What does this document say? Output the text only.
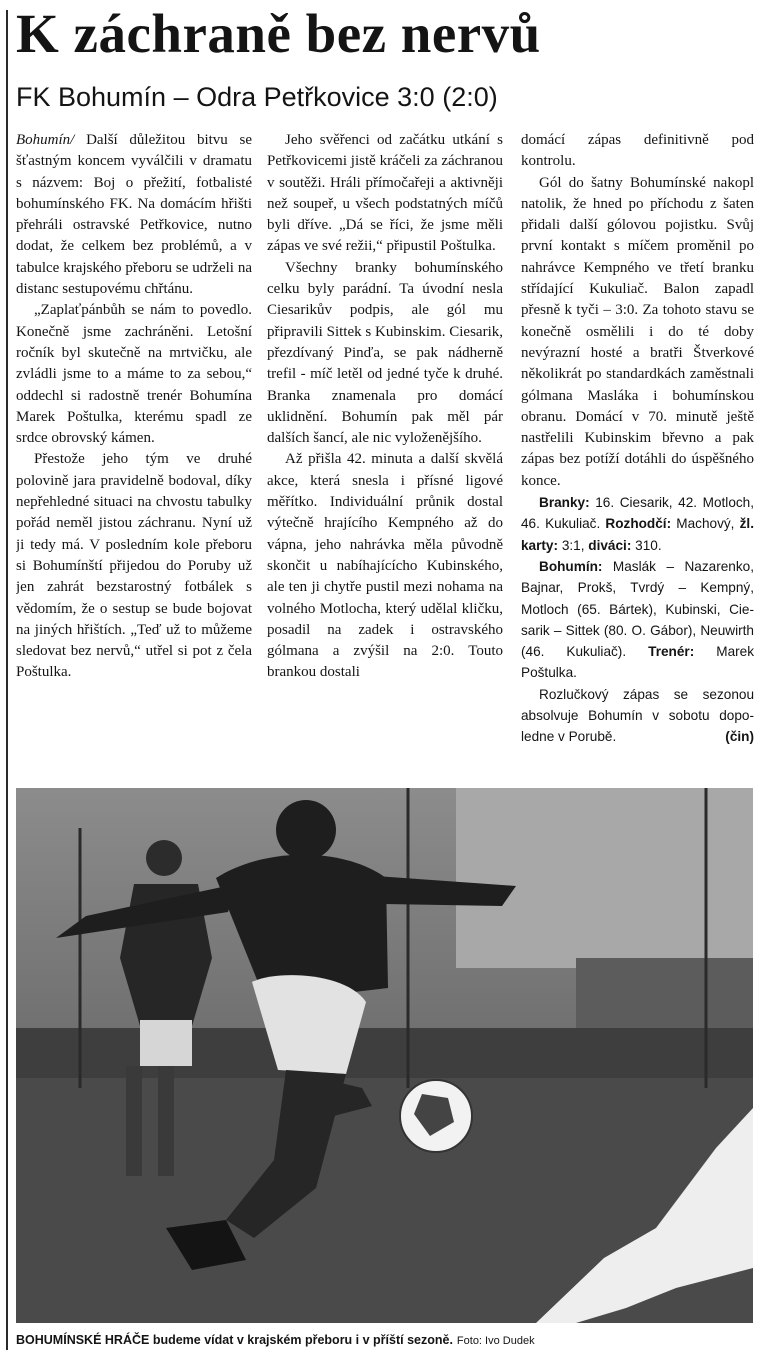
K záchraně bez nervů
FK Bohumín – Odra Petřkovice 3:0 (2:0)

Bohumín/ Další důležitou bitvu se šťastným koncem vyválčili v dramatu s názvem: Boj o přežití, fotbalisté bohumínského FK. Na domácím hřišti přehráli ostravské Petřkovice, nutno dodat, že celkem bez problémů, a v tabulce krajského přeboru se udrželi na distanc sestupovému chřtánu.

„Zaplaťpánbůh se nám to povedlo. Konečně jsme zachráněni. Letošní ročník byl skutečně na mrtvičku, ale zvládli jsme to a máme to za sebou,“ oddechl si radostně trenér Bohumína Marek Poštulka, kterému spadl ze srdce obrovský kámen.

Přestože jeho tým ve druhé polovině jara pravidelně bodoval, díky nepřehledné situaci na chvostu tabulky pořád neměl jistou záchranu. Nyní už ji tedy má. V posledním kole přeboru si Bohumínští přijedou do Poruby už jen zahrát bezstarostný fotbálek s vědomím, že o sestup se bude bojovat na jiných hřištích. „Teď už to můžeme sledovat bez nervů,“ utřel si pot z čela Poštulka.

Jeho svěřenci od začátku utkání s Petřkovicemi jistě kráčeli za záchranou v soutěži. Hráli přímočařeji a aktivněji než soupeř, u všech podstatných míčů byli dříve. „Dá se říci, že jsme měli zápas ve své režii,“ připustil Poštulka.

Všechny branky bohumínského celku byly parádní. Ta úvodní nesla Ciesarikův podpis, ale gól mu připravili Sittek s Kubinskim. Ciesarik, přezdívaný Pinďa, se pak nádherně trefil - míč letěl od jedné tyče k druhé. Branka znamenala pro domácí uklidnění. Bohumín pak měl pár dalších šancí, ale nic vyloženějšího.

Až přišla 42. minuta a další skvělá akce, která snesla i přísné ligové měřítko. Individuální průnik dostal výtečně hrajícího Kempného až do vápna, jeho nahrávka měla původně skončit u nabíhajícícho Kubinského, ale ten ji chytře pustil mezi nohama na volného Motlocha, který udělal kličku, posadil na zadek i ostravského gólmana a zvýšil na 2:0. Touto brankou dostali

domácí zápas definitivně pod kontrolu.

Gól do šatny Bohumínské nakopl natolik, že hned po příchodu z šaten přidali další gólovou pojistku. Svůj první kontakt s míčem proměnil po nahrávce Kempného ve třetí branku střídající Kukuliač. Balon zapadl přesně k tyči – 3:0. Za tohoto stavu se konečně osmělili i do té doby nevýrazní hosté a bratři Štverkové několikrát po standardkách zaměstnali gólmana Masláka i bohumínskou obranu. Domácí v 70. minutě ještě nastřelili Kubinskim břevno a pak zápas bez potíží dotáhli do úspěšného konce.

Branky: 16. Ciesarik, 42. Motloch, 46. Kukuliač. Rozhodčí: Machový, žl. karty: 3:1, diváci: 310.

Bohumín: Maslák – Nazarenko, Bajnar, Prokš, Tvrdý – Kempný, Motloch (65. Bártek), Kubinski, Ciesarik – Sittek (80. O. Gábor), Neuwirth (46. Kukuliač). Trenér: Marek Poštulka.

Rozlučkový zápas se sezonou absolvuje Bohumín v sobotu dopoledne v Porubě.	(čin)

BOHUMÍNSKÉ HRÁČE budeme vídat v krajském přeboru i v příští sezoně. Foto: Ivo Dudek
